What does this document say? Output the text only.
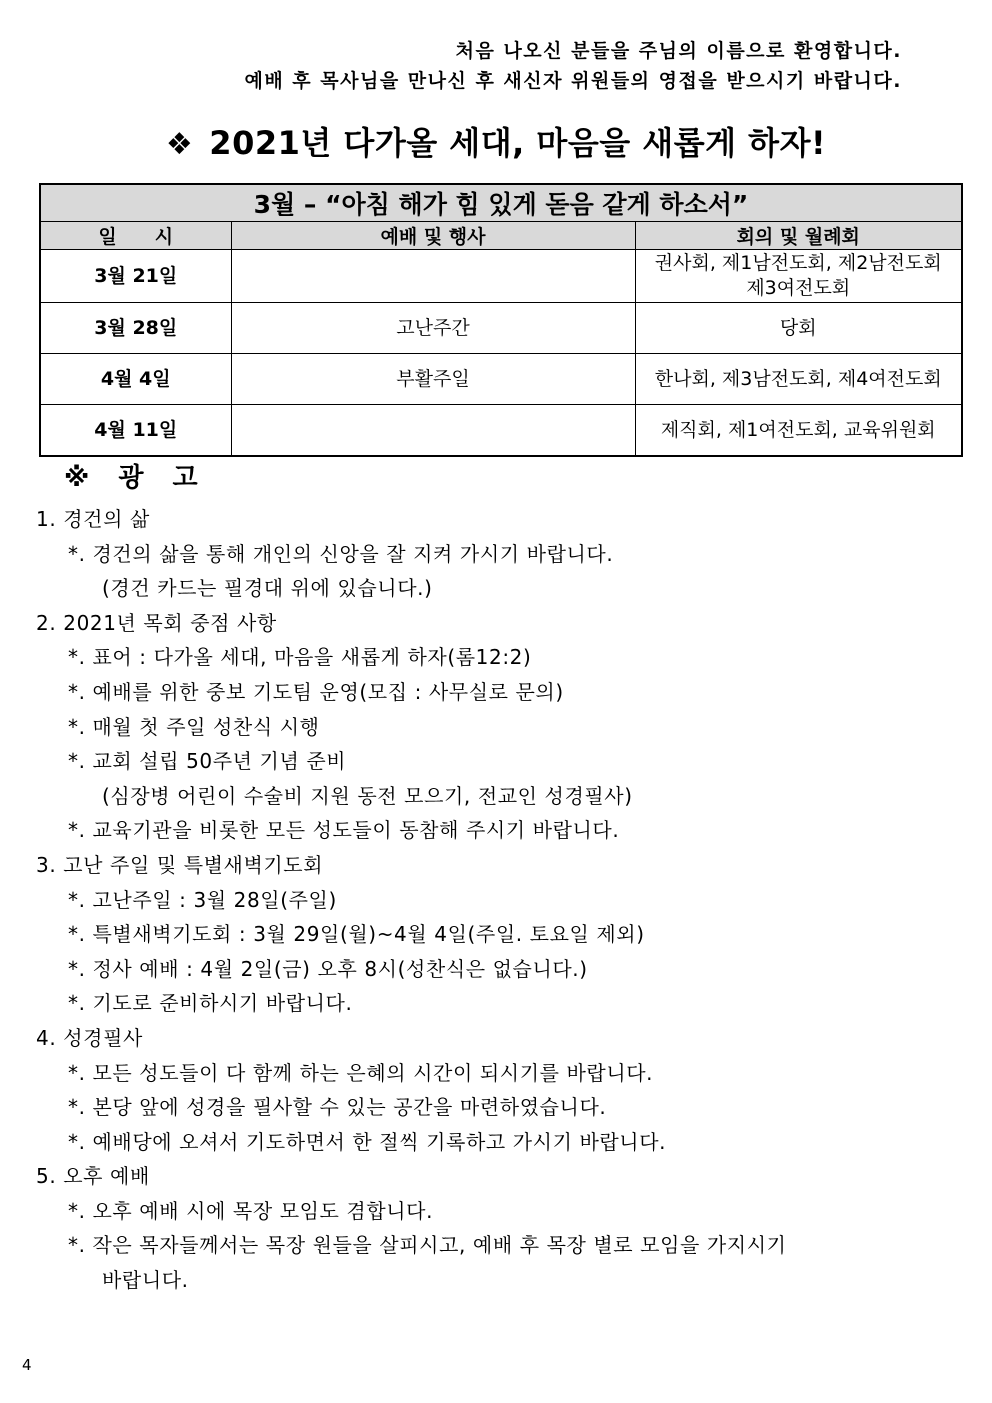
처음 나오신 분들을 주님의 이름으로 환영합니다.
예배 후 목사님을 만나신 후 새신자 위원들의 영접을 받으시기 바랍니다.
❖ 2021년 다가올 세대, 마음을 새롭게 하자!
3월 – “아침 해가 힘 있게 돋음 같게 하소서”		
일　　시	예배 및 행사	회의 및 월례회
3월 21일		권사회, 제1남전도회, 제2남전도회
제3여전도회

3월 28일	고난주간	당회
4월 4일	부활주일	한나회, 제3남전도회, 제4여전도회
4월 11일		제직회, 제1여전도회, 교육위원회
※ 광 고
1. 경건의 삶
*. 경건의 삶을 통해 개인의 신앙을 잘 지켜 가시기 바랍니다.
(경건 카드는 필경대 위에 있습니다.)
2. 2021년 목회 중점 사항
*. 표어 : 다가올 세대, 마음을 새롭게 하자(롬12:2)
*. 예배를 위한 중보 기도팀 운영(모집 : 사무실로 문의)
*. 매월 첫 주일 성찬식 시행
*. 교회 설립 50주년 기념 준비
(심장병 어린이 수술비 지원 동전 모으기, 전교인 성경필사)
*. 교육기관을 비롯한 모든 성도들이 동참해 주시기 바랍니다.
3. 고난 주일 및 특별새벽기도회
*. 고난주일 : 3월 28일(주일)
*. 특별새벽기도회 : 3월 29일(월)~4월 4일(주일. 토요일 제외)
*. 정사 예배 : 4월 2일(금) 오후 8시(성찬식은 없습니다.)
*. 기도로 준비하시기 바랍니다.
4. 성경필사
*. 모든 성도들이 다 함께 하는 은혜의 시간이 되시기를 바랍니다.
*. 본당 앞에 성경을 필사할 수 있는 공간을 마련하였습니다.
*. 예배당에 오셔서 기도하면서 한 절씩 기록하고 가시기 바랍니다.
5. 오후 예배
*. 오후 예배 시에 목장 모임도 겸합니다.
*. 작은 목자들께서는 목장 원들을 살피시고, 예배 후 목장 별로 모임을 가지시기
바랍니다.
4
